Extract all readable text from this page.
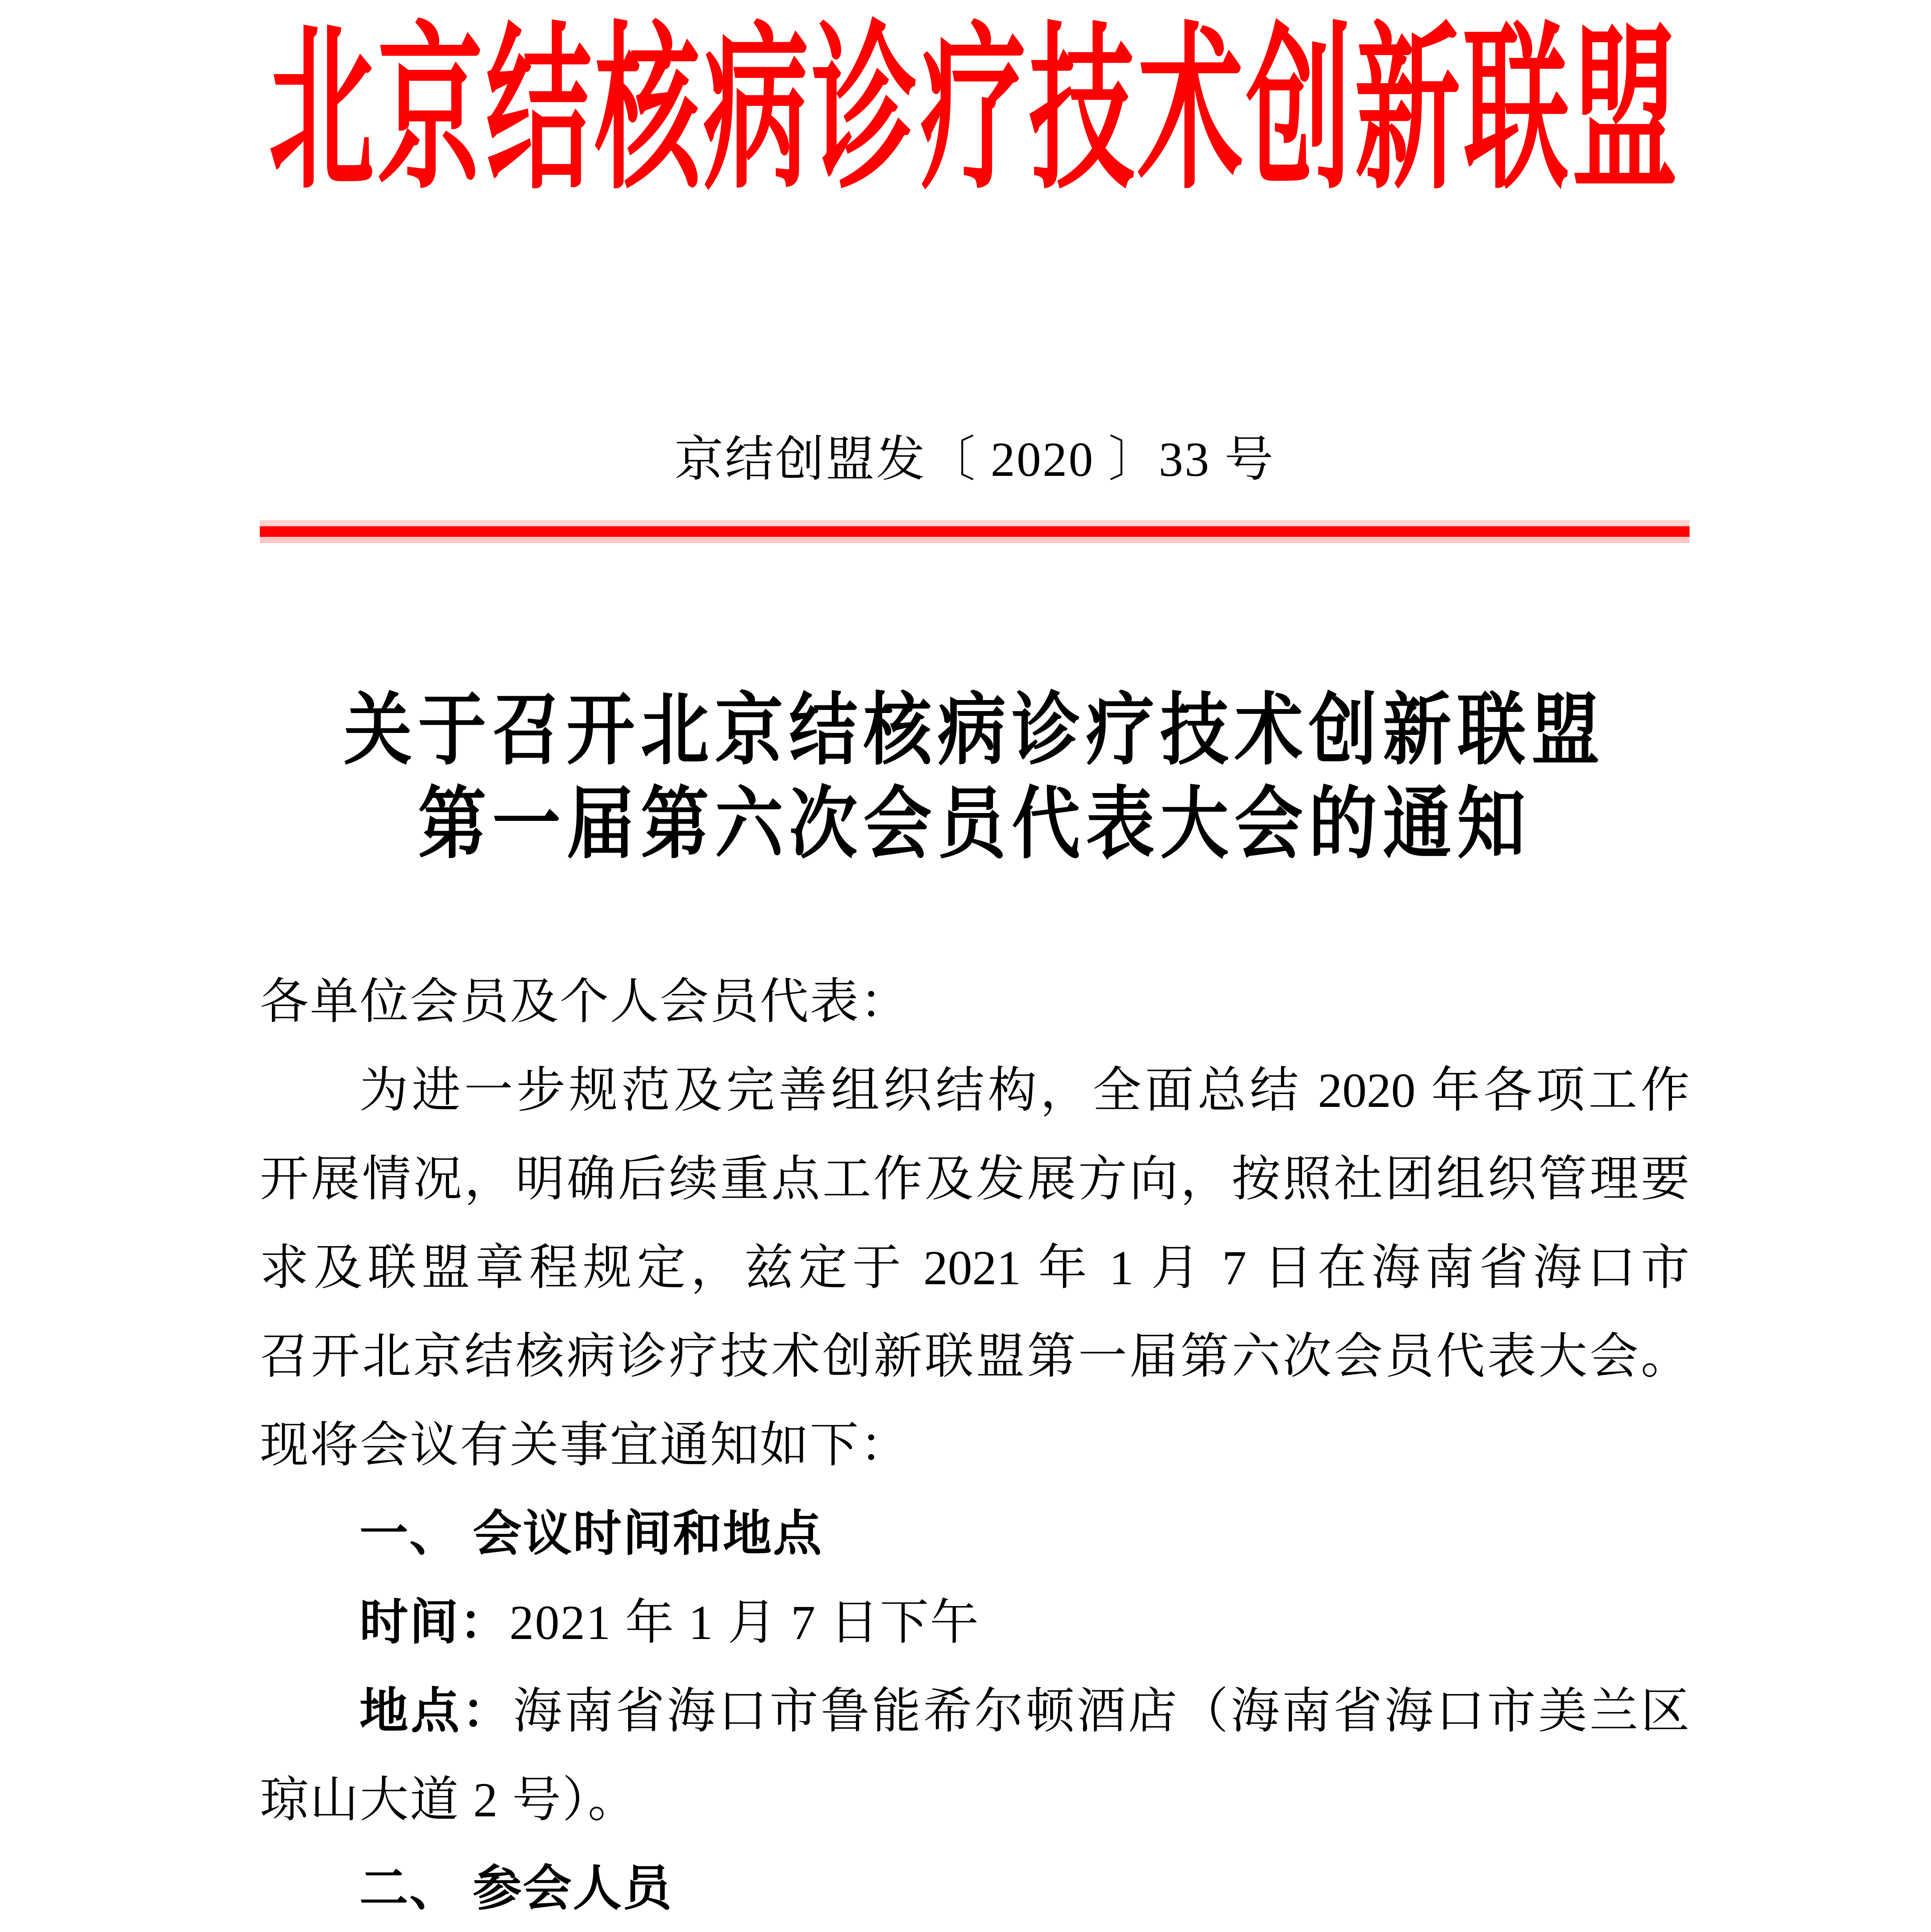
北京结核病诊疗技术创新联盟
京结创盟发〔 2020 〕33 号
关于召开北京结核病诊疗技术创新联盟
第一届第六次会员代表大会的通知
各单位会员及个人会员代表：
为进一步规范及完善组织结构，全面总结 2020 年各项工作
开展情况，明确后续重点工作及发展方向，按照社团组织管理要
求及联盟章程规定，兹定于 2021 年 1 月 7 日在海南省海口市
召开北京结核病诊疗技术创新联盟第一届第六次会员代表大会。
现将会议有关事宜通知如下：
一、 会议时间和地点
时间：2021 年 1 月 7 日下午
地点：海南省海口市鲁能希尔顿酒店（海南省海口市美兰区
琼山大道 2 号）。
二、 参会人员
